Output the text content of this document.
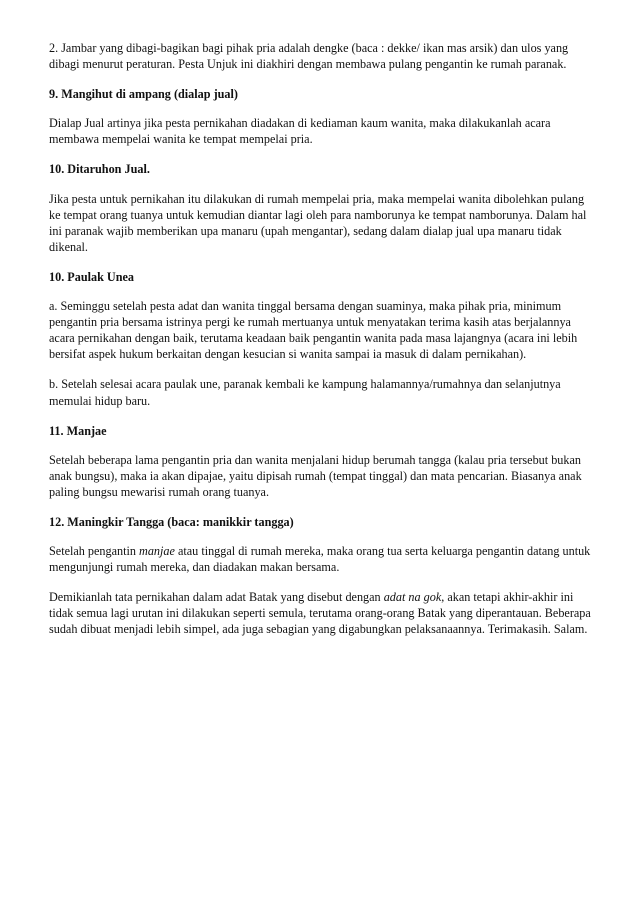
2. Jambar yang dibagi-bagikan bagi pihak pria adalah dengke (baca : dekke/ ikan mas arsik) dan ulos yang dibagi menurut peraturan. Pesta Unjuk ini diakhiri dengan membawa pulang pengantin ke rumah paranak.

9. Mangihut di ampang (dialap jual)

Dialap Jual artinya jika pesta pernikahan diadakan di kediaman kaum wanita, maka dilakukanlah acara membawa mempelai wanita ke tempat mempelai pria.

10. Ditaruhon Jual.

Jika pesta untuk pernikahan itu dilakukan di rumah mempelai pria, maka mempelai wanita dibolehkan pulang ke tempat orang tuanya untuk kemudian diantar lagi oleh para namborunya ke tempat namborunya. Dalam hal ini paranak wajib memberikan upa manaru (upah mengantar), sedang dalam dialap jual upa manaru tidak dikenal.

10. Paulak Unea

a. Seminggu setelah pesta adat dan wanita tinggal bersama dengan suaminya, maka pihak pria, minimum pengantin pria bersama istrinya pergi ke rumah mertuanya untuk menyatakan terima kasih atas berjalannya acara pernikahan dengan baik, terutama keadaan baik pengantin wanita pada masa lajangnya (acara ini lebih bersifat aspek hukum berkaitan dengan kesucian si wanita sampai ia masuk di dalam pernikahan).

b. Setelah selesai acara paulak une, paranak kembali ke kampung halamannya/rumahnya dan selanjutnya memulai hidup baru.

11. Manjae

Setelah beberapa lama pengantin pria dan wanita menjalani hidup berumah tangga (kalau pria tersebut bukan anak bungsu), maka ia akan dipajae, yaitu dipisah rumah (tempat tinggal) dan mata pencarian. Biasanya anak paling bungsu mewarisi rumah orang tuanya.

12. Maningkir Tangga (baca: manikkir tangga)

Setelah pengantin manjae atau tinggal di rumah mereka, maka orang tua serta keluarga pengantin datang untuk mengunjungi rumah mereka, dan diadakan makan bersama.

Demikianlah tata pernikahan dalam adat Batak yang disebut dengan adat na gok, akan tetapi akhir-akhir ini tidak semua lagi urutan ini dilakukan seperti semula, terutama orang-orang Batak yang diperantauan. Beberapa sudah dibuat menjadi lebih simpel, ada juga sebagian yang digabungkan pelaksanaannya. Terimakasih. Salam.
